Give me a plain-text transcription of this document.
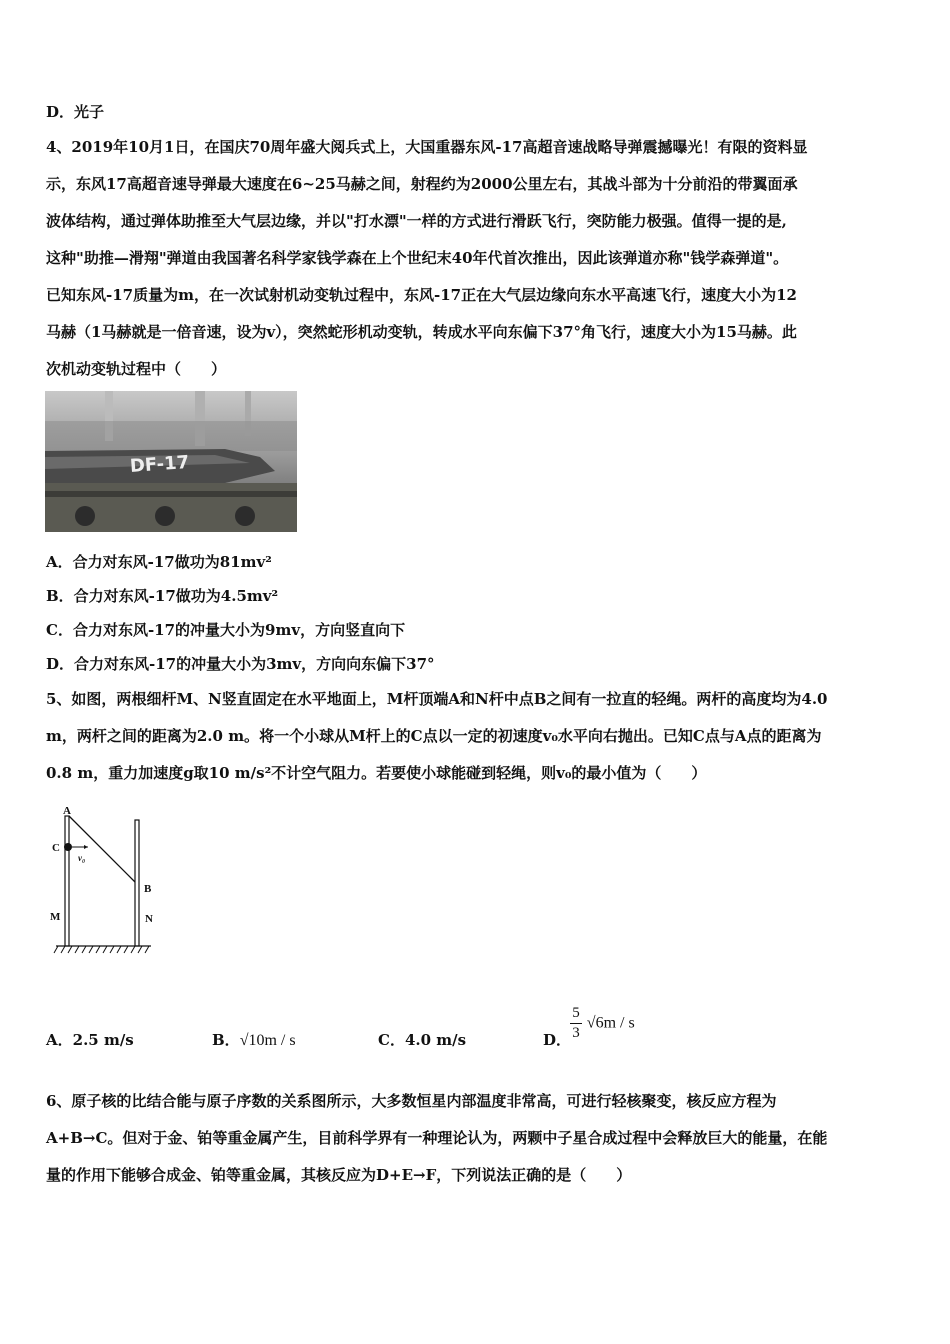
D．光子
4、2019年10月1日，在国庆70周年盛大阅兵式上，大国重器东风-17高超音速战略导弹震撼曝光！有限的资料显
示，东风17高超音速导弹最大速度在6~25马赫之间，射程约为2000公里左右，其战斗部为十分前沿的带翼面承
波体结构，通过弹体助推至大气层边缘，并以"打水漂"一样的方式进行滑跃飞行，突防能力极强。值得一提的是,
这种"助推—滑翔"弹道由我国著名科学家钱学森在上个世纪末40年代首次推出，因此该弹道亦称"钱学森弹道"。
已知东风-17质量为m，在一次试射机动变轨过程中，东风-17正在大气层边缘向东水平高速飞行，速度大小为12
马赫（1马赫就是一倍音速，设为v），突然蛇形机动变轨，转成水平向东偏下37°角飞行，速度大小为15马赫。此
次机动变轨过程中（　　）
DF-17
A．合力对东风-17做功为81mv²
B．合力对东风-17做功为4.5mv²
C．合力对东风-17的冲量大小为9mv，方向竖直向下
D．合力对东风-17的冲量大小为3mv，方向向东偏下37°
5、如图，两根细杆M、N竖直固定在水平地面上，M杆顶端A和N杆中点B之间有一拉直的轻绳。两杆的高度均为4.0
m，两杆之间的距离为2.0 m。将一个小球从M杆上的C点以一定的初速度v₀水平向右抛出。已知C点与A点的距离为
0.8 m，重力加速度g取10 m/s²不计空气阻力。若要使小球能碰到轻绳，则v₀的最小值为（　　）
A
C
v₀
B
M	N
A．2.5 m/s	B．√10m / s	C．4.0 m/s	D．
$\frac{5}{3} √6m$ / s
6、原子核的比结合能与原子序数的关系图所示，大多数恒星内部温度非常高，可进行轻核聚变，核反应方程为
A+B→C。但对于金、铂等重金属产生，目前科学界有一种理论认为，两颗中子星合成过程中会释放巨大的能量，在能
量的作用下能够合成金、铂等重金属，其核反应为D+E→F，下列说法正确的是（　　）
